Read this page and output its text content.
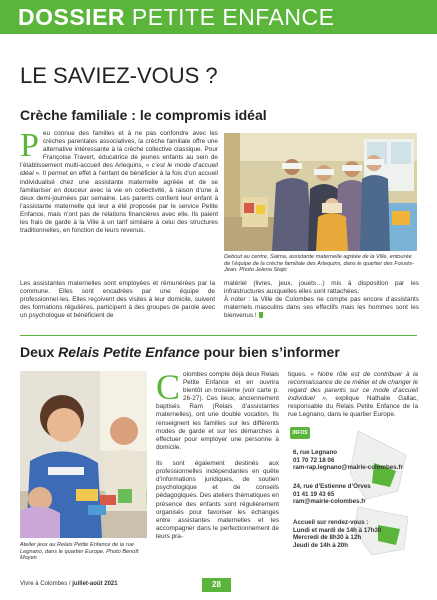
DOSSIER PETITE ENFANCE
LE SAVIEZ-VOUS ?
Crèche familiale : le compromis idéal
Peu connue des familles et à ne pas confondre avec les crèches parentales associatives, la crèche familiale offre une alternative intéressante à la crèche collective classique. Pour Françoise Travert, éducatrice de jeunes enfants au sein de l’établissement multi-accueil des Arlequins, « c’est le mode d’accueil idéal ». Il permet en effet à l’enfant de bénéficier à la fois d’un accueil individualisé chez une assistante maternelle agréée et de se familiariser en douceur avec la vie en collectivité, à raison d’une à deux demi-journées par semaine. Les parents confient leur enfant à l’assistante maternelle qui leur a été proposée par le service Petite Enfance, mais n’ont pas de relations financières avec elle. Ils paient les frais de garde à la Ville à un tarif similaire à celui des structures traditionnelles, en fonction de leurs revenus.
Debout au centre, Salma, assistante maternelle agréée de la Ville, entourée de l’équipe de la crèche familiale des Arlequins, dans le quartier des Fossés-Jean. Photo Jelena Stajic
Les assistantes maternelles sont employées et rémunérées par la commune. Elles sont encadrées par une équipe de professionnel·les. Elles reçoivent des visites à leur domicile, suivent des formations régulières, participent à des groupes de parole avec un psychologue et bénéficient de
matériel (livres, jeux, jouets…) mis à disposition par les infrastructures auxquelles elles sont rattachées.
À noter : la Ville de Colombes ne compte pas encore d’assistants maternels masculins dans ses effectifs mais les hommes sont les bienvenus !
Deux Relais Petite Enfance pour bien s’informer
Atelier jeux au Relais Petite Enfance de la rue Legnano, dans le quartier Europe. Photo Benoît Moyen
Colombes compte déjà deux Relais Petite Enfance et en ouvrira bientôt un troisième (voir carte p. 26-27). Ces lieux, anciennement baptisés Ram (Relais d’assistantes maternelles), ont une double vocation. Ils renseignent les familles sur les différents modes de garde et sur les démarches à effectuer pour employer une personne à domicile.

Ils sont également destinés aux professionnelles indépendantes en quête d’informations juridiques, de soutien psychologique et de conseils pédagogiques. Des ateliers thématiques en présence des enfants sont régulièrement organisés pour favoriser les échanges entre assistantes maternelles et les accompagner dans le perfectionnement de leurs pra-
tiques. « Notre rôle est de contribuer à la reconnaissance de ce métier et de changer le regard des parents sur ce mode d’accueil individuel », explique Nathalie Gallac, responsable du Relais Petite Enfance de la rue Legnano, dans le quartier Europe.
INFOS
6, rue Legnano
01 70 72 18 06
ram-rap.legnano@mairie-colombes.fr
24, rue d’Estienne d’Orves
01 41 19 43 65
ram@mairie-colombes.fr
Accueil sur rendez-vous :
Lundi et mardi de 14h à 17h30
Mercredi de 8h30 à 12h
Jeudi de 14h à 20h
Vivre à Colombes / juillet-août 2021	28
